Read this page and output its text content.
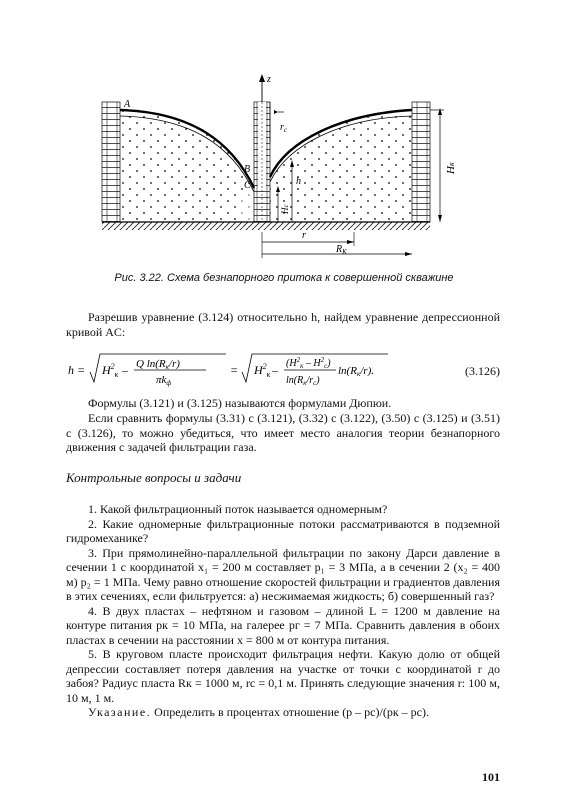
z
A
B
C
$r_c$
h
Hc
Hк
r
$R_К$
Рис. 3.22. Схема безнапорного притока к совершенной скважине
Разрешив уравнение (3.124) относительно h, найдем уравнение депрессионной кривой AC:
$h = H^2_к - Q$ ln(Rк/r)
πkф
= $H^2_к - (H^2_к - H^2_с)$
$\ln(R_к/r_с)$
ln(Rк/r).	(3.126)
Формулы (3.121) и (3.125) называются формулами Дюпюи.
Если сравнить формулы (3.31) с (3.121), (3.32) с (3.122), (3.50) с (3.125) и (3.51) с (3.126), то можно убедиться, что имеет место аналогия теории безнапорного движения с задачей фильтрации газа.
Контрольные вопросы и задачи

1. Какой фильтрационный поток называется одномерным?

2. Какие одномерные фильтрационные потоки рассматриваются в подземной гидромеханике?

3. При прямолинейно-параллельной фильтрации по закону Дарси давление в сечении 1 с координатой x₁ = 200 м составляет p₁ = 3 МПа, а в сечении 2 (x₂ = 400 м) p₂ = 1 МПа. Чему равно отношение скоростей фильтрации и градиентов давления в этих сечениях, если фильтруется: а) несжимаемая жидкость; б) совершенный газ?

4. В двух пластах – нефтяном и газовом – длиной L = 1200 м давление на контуре питания pк = 10 МПа, на галерее pг = 7 МПа. Сравнить давления в обоих пластах в сечении на расстоянии x = 800 м от контура питания.

5. В круговом пласте происходит фильтрация нефти. Какую долю от общей депрессии составляет потеря давления на участке от точки с координатой r до забоя? Радиус пласта Rк = 1000 м, rс = 0,1 м. Принять следующие значения r: 100 м, 10 м, 1 м.

Указание. Определить в процентах отношение (p – pс)/(pк – pс).

101
